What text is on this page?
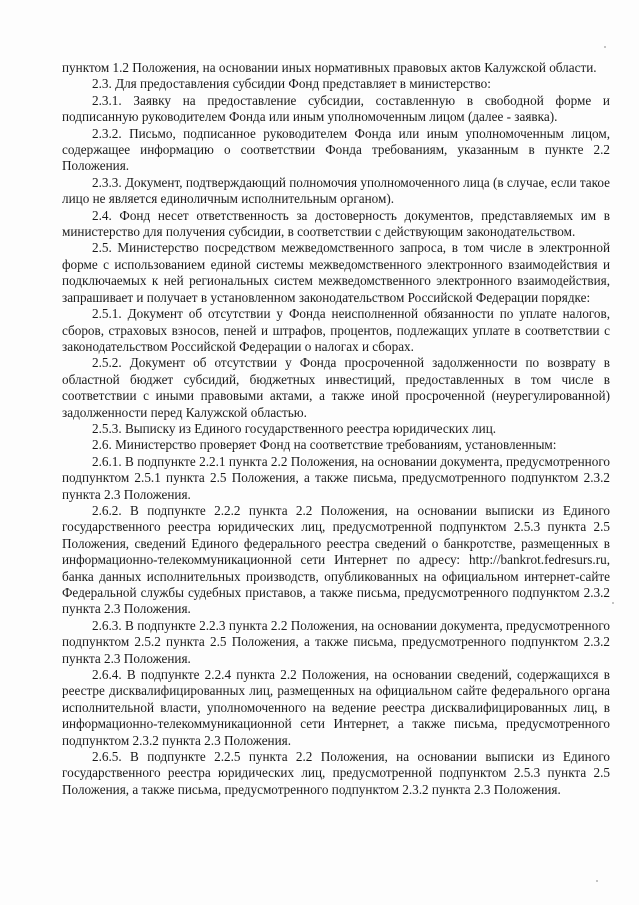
пунктом 1.2 Положения, на основании иных нормативных правовых актов Калужской области.

2.3. Для предоставления субсидии Фонд представляет в министерство:

2.3.1. Заявку на предоставление субсидии, составленную в свободной форме и подписанную руководителем Фонда или иным уполномоченным лицом (далее - заявка).

2.3.2. Письмо, подписанное руководителем Фонда или иным уполномоченным лицом, содержащее информацию о соответствии Фонда требованиям, указанным в пункте 2.2 Положения.

2.3.3. Документ, подтверждающий полномочия уполномоченного лица (в случае, если такое лицо не является единоличным исполнительным органом).

2.4. Фонд несет ответственность за достоверность документов, представляемых им в министерство для получения субсидии, в соответствии с действующим законодательством.

2.5. Министерство посредством межведомственного запроса, в том числе в электронной форме с использованием единой системы межведомственного электронного взаимодействия и подключаемых к ней региональных систем межведомственного электронного взаимодействия, запрашивает и получает в установленном законодательством Российской Федерации порядке:

2.5.1. Документ об отсутствии у Фонда неисполненной обязанности по уплате налогов, сборов, страховых взносов, пеней и штрафов, процентов, подлежащих уплате в соответствии с законодательством Российской Федерации о налогах и сборах.

2.5.2. Документ об отсутствии у Фонда просроченной задолженности по возврату в областной бюджет субсидий, бюджетных инвестиций, предоставленных в том числе в соответствии с иными правовыми актами, а также иной просроченной (неурегулированной) задолженности перед Калужской областью.

2.5.3. Выписку из Единого государственного реестра юридических лиц.

2.6. Министерство проверяет Фонд на соответствие требованиям, установленным:

2.6.1. В подпункте 2.2.1 пункта 2.2 Положения, на основании документа, предусмотренного подпунктом 2.5.1 пункта 2.5 Положения, а также письма, предусмотренного подпунктом 2.3.2 пункта 2.3 Положения.

2.6.2. В подпункте 2.2.2 пункта 2.2 Положения, на основании выписки из Единого государственного реестра юридических лиц, предусмотренной подпунктом 2.5.3 пункта 2.5 Положения, сведений Единого федерального реестра сведений о банкротстве, размещенных в информационно-телекоммуникационной сети Интернет по адресу: http://bankrot.fedresurs.ru, банка данных исполнительных производств, опубликованных на официальном интернет-сайте Федеральной службы судебных приставов, а также письма, предусмотренного подпунктом 2.3.2 пункта 2.3 Положения.

2.6.3. В подпункте 2.2.3 пункта 2.2 Положения, на основании документа, предусмотренного подпунктом 2.5.2 пункта 2.5 Положения, а также письма, предусмотренного подпунктом 2.3.2 пункта 2.3 Положения.

2.6.4. В подпункте 2.2.4 пункта 2.2 Положения, на основании сведений, содержащихся в реестре дисквалифицированных лиц, размещенных на официальном сайте федерального органа исполнительной власти, уполномоченного на ведение реестра дисквалифицированных лиц, в информационно-телекоммуникационной сети Интернет, а также письма, предусмотренного подпунктом 2.3.2 пункта 2.3 Положения.

2.6.5. В подпункте 2.2.5 пункта 2.2 Положения, на основании выписки из Единого государственного реестра юридических лиц, предусмотренной подпунктом 2.5.3 пункта 2.5 Положения, а также письма, предусмотренного подпунктом 2.3.2 пункта 2.3 Положения.
